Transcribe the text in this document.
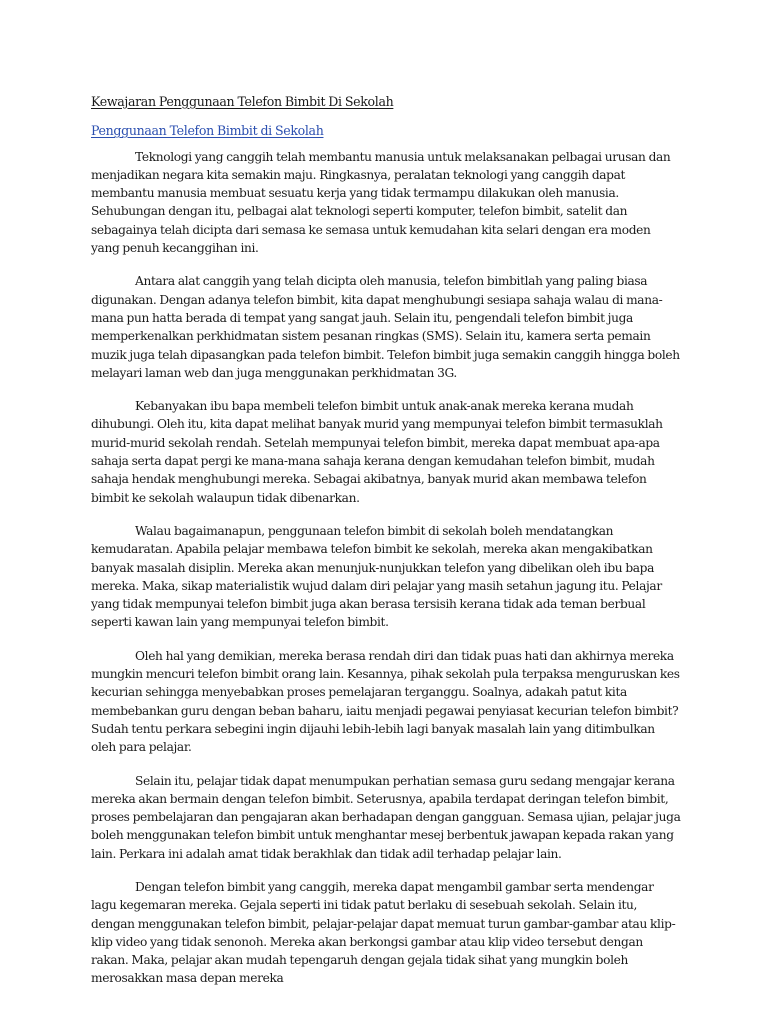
Kewajaran Penggunaan Telefon Bimbit Di Sekolah
Penggunaan Telefon Bimbit di Sekolah

Teknologi yang canggih telah membantu manusia untuk melaksanakan pelbagai urusan dan menjadikan negara kita semakin maju. Ringkasnya, peralatan teknologi yang canggih dapat membantu manusia membuat sesuatu kerja yang tidak termampu dilakukan oleh manusia. Sehubungan dengan itu, pelbagai alat teknologi seperti komputer, telefon bimbit, satelit dan sebagainya telah dicipta dari semasa ke semasa untuk kemudahan kita selari dengan era moden yang penuh kecanggihan ini.

Antara alat canggih yang telah dicipta oleh manusia, telefon bimbitlah yang paling biasa digunakan. Dengan adanya telefon bimbit, kita dapat menghubungi sesiapa sahaja walau di mana-mana pun hatta berada di tempat yang sangat jauh. Selain itu, pengendali telefon bimbit juga memperkenalkan perkhidmatan sistem pesanan ringkas (SMS). Selain itu, kamera serta pemain muzik juga telah dipasangkan pada telefon bimbit. Telefon bimbit juga semakin canggih hingga boleh melayari laman web dan juga menggunakan perkhidmatan 3G.

Kebanyakan ibu bapa membeli telefon bimbit untuk anak-anak mereka kerana mudah dihubungi. Oleh itu, kita dapat melihat banyak murid yang mempunyai telefon bimbit termasuklah murid-murid sekolah rendah. Setelah mempunyai telefon bimbit, mereka dapat membuat apa-apa sahaja serta dapat pergi ke mana-mana sahaja kerana dengan kemudahan telefon bimbit, mudah sahaja hendak menghubungi mereka. Sebagai akibatnya, banyak murid akan membawa telefon bimbit ke sekolah walaupun tidak dibenarkan.

Walau bagaimanapun, penggunaan telefon bimbit di sekolah boleh mendatangkan kemudaratan. Apabila pelajar membawa telefon bimbit ke sekolah, mereka akan mengakibatkan banyak masalah disiplin. Mereka akan menunjuk-nunjukkan telefon yang dibelikan oleh ibu bapa mereka. Maka, sikap materialistik wujud dalam diri pelajar yang masih setahun jagung itu. Pelajar yang tidak mempunyai telefon bimbit juga akan berasa tersisih kerana tidak ada teman berbual seperti kawan lain yang mempunyai telefon bimbit.

Oleh hal yang demikian, mereka berasa rendah diri dan tidak puas hati dan akhirnya mereka mungkin mencuri telefon bimbit orang lain. Kesannya, pihak sekolah pula terpaksa menguruskan kes kecurian sehingga menyebabkan proses pemelajaran terganggu. Soalnya, adakah patut kita membebankan guru dengan beban baharu, iaitu menjadi pegawai penyiasat kecurian telefon bimbit? Sudah tentu perkara sebegini ingin dijauhi lebih-lebih lagi banyak masalah lain yang ditimbulkan oleh para pelajar.

Selain itu, pelajar tidak dapat menumpukan perhatian semasa guru sedang mengajar kerana mereka akan bermain dengan telefon bimbit. Seterusnya, apabila terdapat deringan telefon bimbit, proses pembelajaran dan pengajaran akan berhadapan dengan gangguan. Semasa ujian, pelajar juga boleh menggunakan telefon bimbit untuk menghantar mesej berbentuk jawapan kepada rakan yang lain. Perkara ini adalah amat tidak berakhlak dan tidak adil terhadap pelajar lain.

Dengan telefon bimbit yang canggih, mereka dapat mengambil gambar serta mendengar lagu kegemaran mereka. Gejala seperti ini tidak patut berlaku di sesebuah sekolah. Selain itu, dengan menggunakan telefon bimbit, pelajar-pelajar dapat memuat turun gambar-gambar atau klip-klip video yang tidak senonoh. Mereka akan berkongsi gambar atau klip video tersebut dengan rakan. Maka, pelajar akan mudah tepengaruh dengan gejala tidak sihat yang mungkin boleh merosakkan masa depan mereka
